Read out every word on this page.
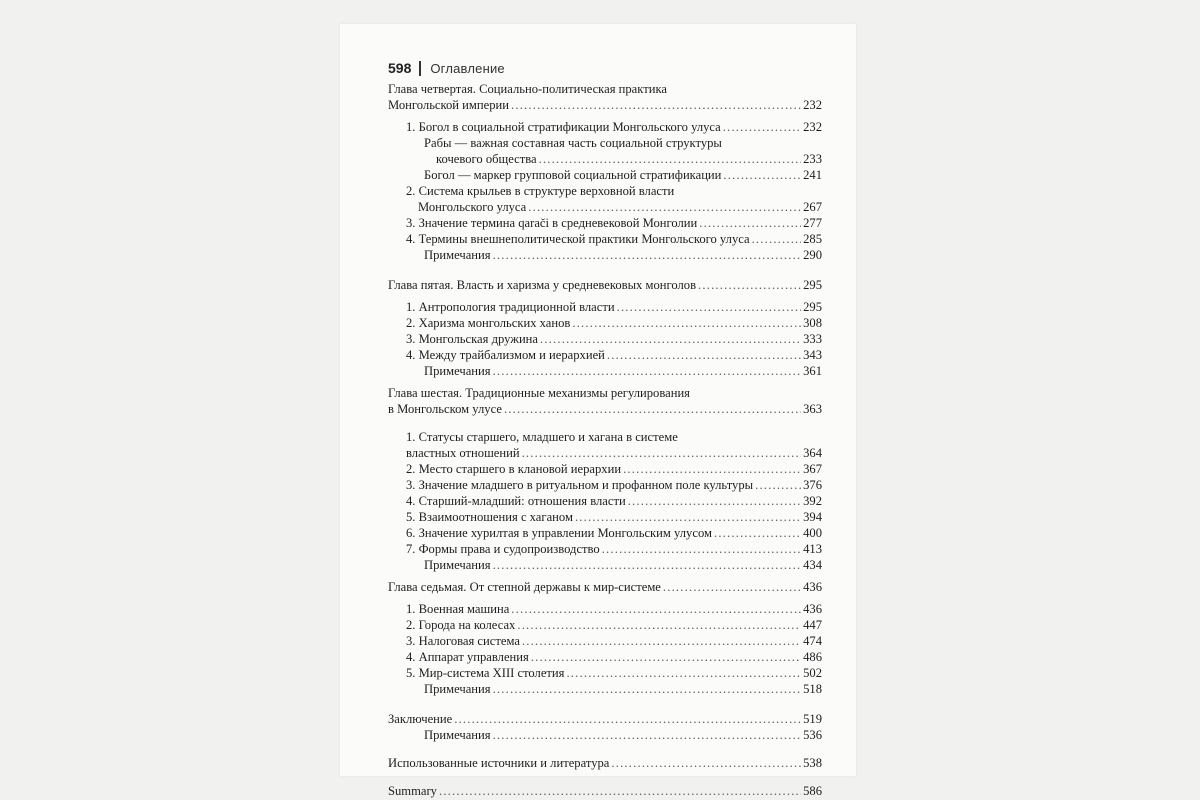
598 Оглавление
Глава четвертая. Социально-политическая практика
Монгольской империи .....	232
1. Богол в социальной стратификации Монгольского улуса .....	232
Рабы — важная составная часть социальной структуры
кочевого общества .....	233
Богол — маркер групповой социальной стратификации .....	241
2. Система крыльев в структуре верховной власти
Монгольского улуса .....	267
3. Значение термина qaračі в средневековой Монголии .....	277
4. Термины внешнеполитической практики Монгольского улуса .....	285
Примечания .....	290
Глава пятая. Власть и харизма у средневековых монголов .....	295
1. Антропология традиционной власти .....	295
2. Харизма монгольских ханов .....	308
3. Монгольская дружина .....	333
4. Между трайбализмом и иерархией .....	343
Примечания .....	361
Глава шестая. Традиционные механизмы регулирования
в Монгольском улусе .....	363
1. Статусы старшего, младшего и хагана в системе
властных отношений .....	364
2. Место старшего в клановой иерархии .....	367
3. Значение младшего в ритуальном и профанном поле культуры .....	376
4. Старший-младший: отношения власти .....	392
5. Взаимоотношения с хаганом .....	394
6. Значение хурилтая в управлении Монгольским улусом .....	400
7. Формы права и судопроизводство .....	413
Примечания .....	434
Глава седьмая. От степной державы к мир-системе .....	436
1. Военная машина .....	436
2. Города на колесах .....	447
3. Налоговая система .....	474
4. Аппарат управления .....	486
5. Мир-система XIII столетия .....	502
Примечания .....	518
Заключение .....	519
Примечания .....	536
Использованные источники и литература .....	538
Summary .....	586
